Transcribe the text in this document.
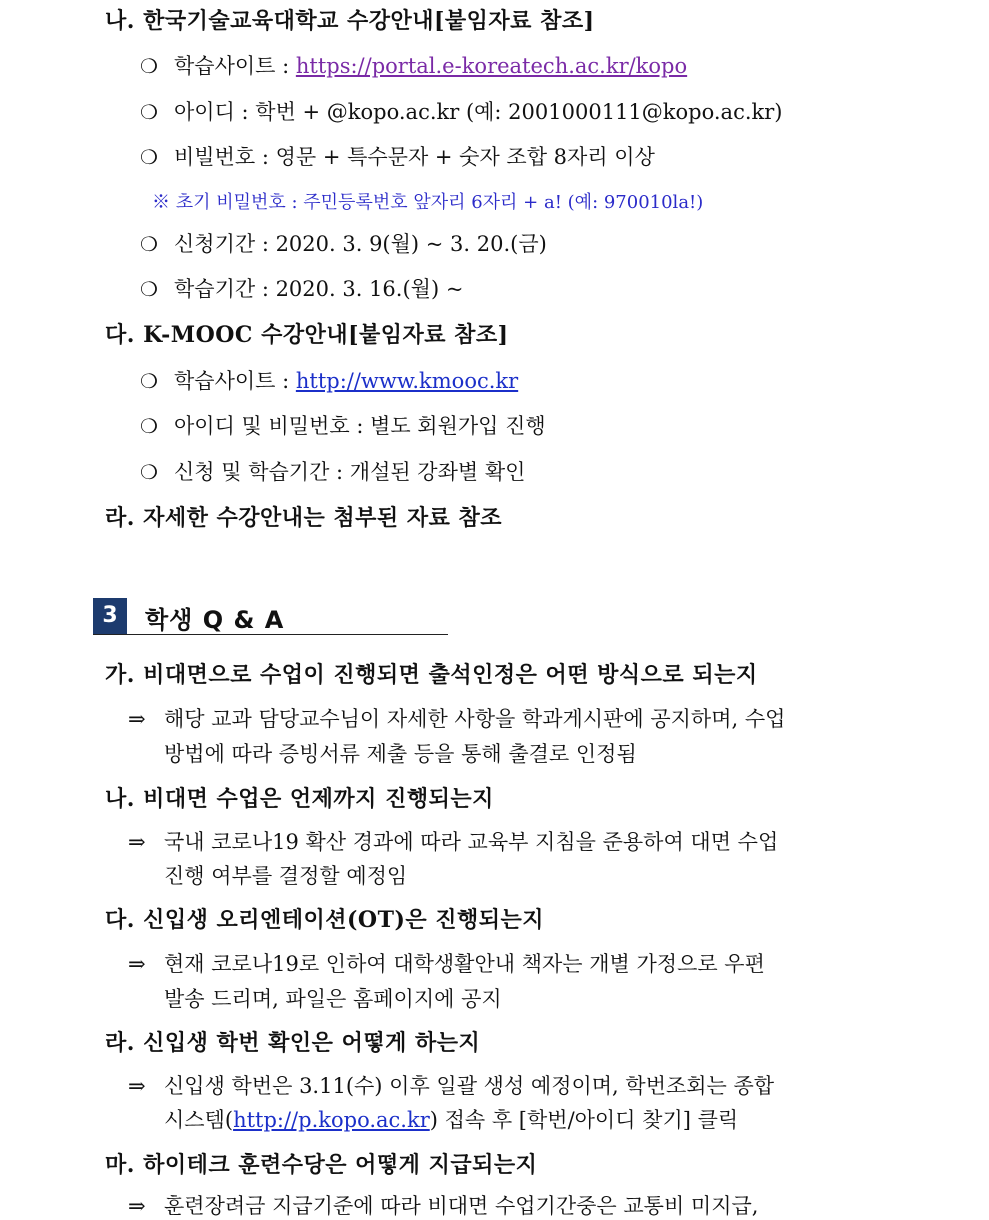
나. 한국기술교육대학교 수강안내[붙임자료 참조]
❍ 학습사이트 : https://portal.e-koreatech.ac.kr/kopo
❍ 아이디 : 학번 + @kopo.ac.kr (예: 2001000111@kopo.ac.kr)
❍ 비빌번호 : 영문 + 특수문자 + 숫자 조합 8자리 이상
※ 초기 비밀번호 : 주민등록번호 앞자리 6자리 + a! (예: 970010la!)
❍ 신청기간 : 2020. 3. 9(월) ~ 3. 20.(금)
❍ 학습기간 : 2020. 3. 16.(월) ~
다. K-MOOC 수강안내[붙임자료 참조]
❍ 학습사이트 : http://www.kmooc.kr
❍ 아이디 및 비밀번호 : 별도 회원가입 진행
❍ 신청 및 학습기간 : 개설된 강좌별 확인
라. 자세한 수강안내는 첨부된 자료 참조
3	학생 Q & A
가. 비대면으로 수업이 진행되면 출석인정은 어떤 방식으로 되는지
⇒ 해당 교과 담당교수님이 자세한 사항을 학과게시판에 공지하며, 수업
방법에 따라 증빙서류 제출 등을 통해 출결로 인정됨
나. 비대면 수업은 언제까지 진행되는지
⇒ 국내 코로나19 확산 경과에 따라 교육부 지침을 준용하여 대면 수업
진행 여부를 결정할 예정임
다. 신입생 오리엔테이션(OT)은 진행되는지
⇒ 현재 코로나19로 인하여 대학생활안내 책자는 개별 가정으로 우편
발송 드리며, 파일은 홈페이지에 공지
라. 신입생 학번 확인은 어떻게 하는지
⇒ 신입생 학번은 3.11(수) 이후 일괄 생성 예정이며, 학번조회는 종합
시스템(http://p.kopo.ac.kr) 접속 후 [학번/아이디 찾기] 클릭
마. 하이테크 훈련수당은 어떻게 지급되는지
⇒ 훈련장려금 지급기준에 따라 비대면 수업기간중은 교통비 미지급,
